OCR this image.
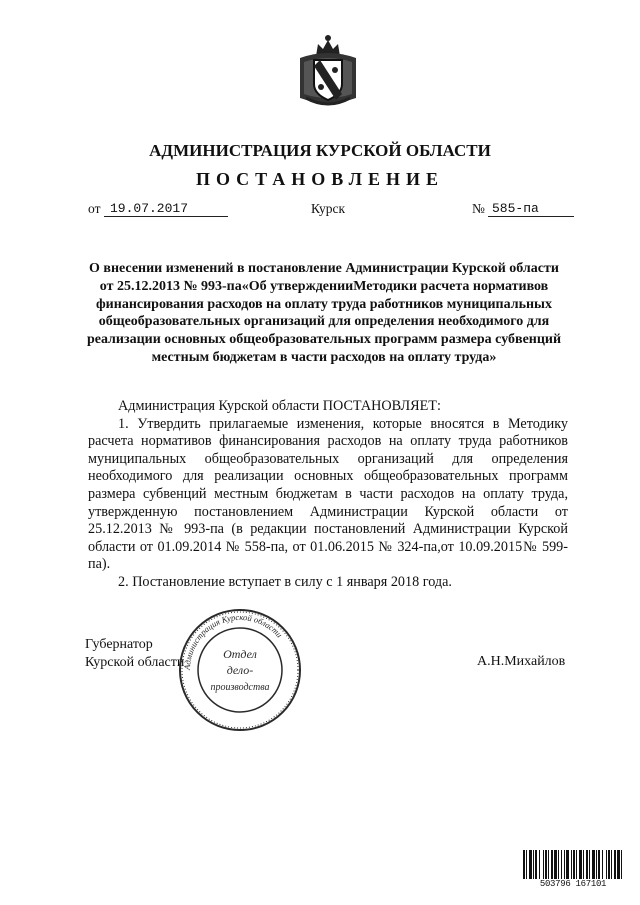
АДМИНИСТРАЦИЯ КУРСКОЙ ОБЛАСТИ
ПОСТАНОВЛЕНИЕ
от 19.07.2017	Курск	№ 585-па
О внесении изменений в постановление Администрации Курской области от 25.12.2013 № 993-па«Об утвержденииМетодики расчета нормативов финансирования расходов на оплату труда работников муниципальных общеобразовательных организаций для определения необходимого для реализации основных общеобразовательных программ размера субвенций местным бюджетам в части расходов на оплату труда»

Администрация Курской области ПОСТАНОВЛЯЕТ:

1. Утвердить прилагаемые изменения, которые вносятся в Методику расчета нормативов финансирования расходов на оплату труда работников муниципальных общеобразовательных организаций для определения необходимого для реализации основных общеобразовательных программ размера субвенций местным бюджетам в части расходов на оплату труда, утвержденную постановлением Администрации Курской области от 25.12.2013 № 993-па (в редакции постановлений Администрации Курской области от 01.09.2014 № 558-па, от 01.06.2015 № 324-па,от 10.09.2015№ 599-па).

2. Постановление вступает в силу с 1 января 2018 года.

Губернатор
Курской области
Администрация Курской области
Отдел
дело-
производства
А.Н.Михайлов
503796 167101
